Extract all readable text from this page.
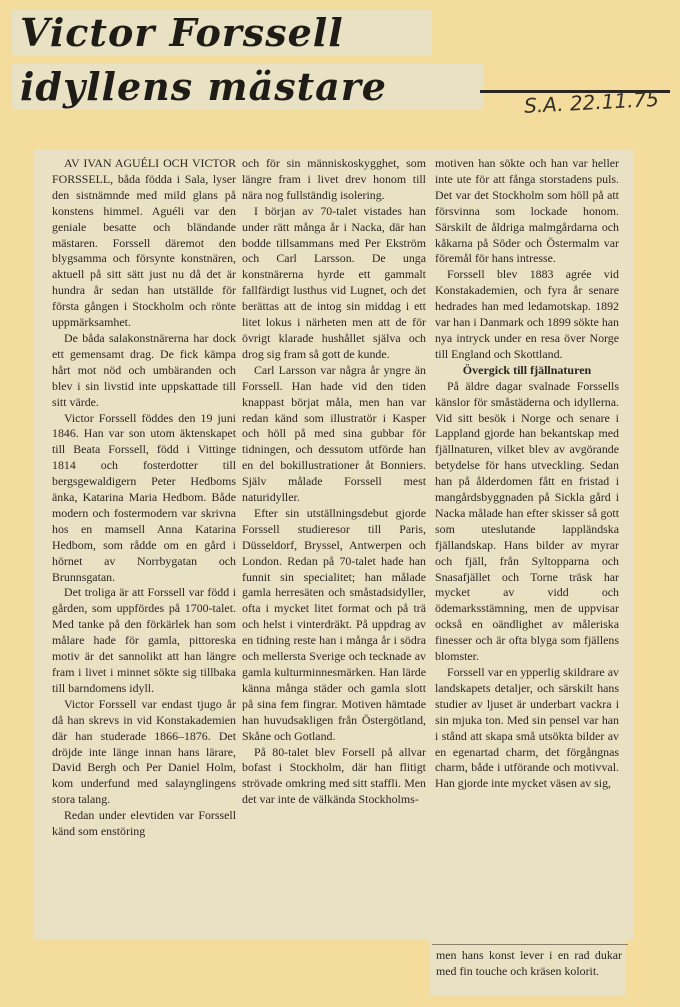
Victor Forssell
idyllens mästare	S.A. 22.11.75

AV IVAN AGUÉLI OCH VICTOR FORSSELL, båda födda i Sala, lyser den sistnämnde med mild glans på konstens himmel. Aguéli var den geniale besatte och bländande mästaren. Forssell däremot den blygsamma och försynte konstnären, aktuell på sitt sätt just nu då det är hundra år sedan han utställde för första gången i Stockholm och rönte uppmärksamhet.

De båda salakonstnärerna har dock ett gemensamt drag. De fick kämpa hårt mot nöd och umbäranden och blev i sin livstid inte uppskattade till sitt värde.

Victor Forssell föddes den 19 juni 1846. Han var son utom äktenskapet till Beata Forssell, född i Vittinge 1814 och fosterdotter till bergsgewaldigern Peter Hedboms änka, Katarina Maria Hedbom. Både modern och fostermodern var skrivna hos en mamsell Anna Katarina Hedbom, som rådde om en gård i hörnet av Norrbygatan och Brunnsgatan.

Det troliga är att Forssell var född i gården, som uppfördes på 1700-talet. Med tanke på den förkärlek han som målare hade för gamla, pittoreska motiv är det sannolikt att han längre fram i livet i minnet sökte sig tillbaka till barndomens idyll.

Victor Forssell var endast tjugo år då han skrevs in vid Konstakademien där han studerade 1866–1876. Det dröjde inte länge innan hans lärare, David Bergh och Per Daniel Holm, kom underfund med salaynglingens stora talang.

Redan under elevtiden var Forssell känd som enstöring

och för sin människoskygghet, som längre fram i livet drev honom till nära nog fullständig isolering.

I början av 70-talet vistades han under rätt många år i Nacka, där han bodde tillsammans med Per Ekström och Carl Larsson. De unga konstnärerna hyrde ett gammalt fallfärdigt lusthus vid Lugnet, och det berättas att de intog sin middag i ett litet lokus i närheten men att de för övrigt klarade hushållet själva och drog sig fram så gott de kunde.

Carl Larsson var några år yngre än Forssell. Han hade vid den tiden knappast börjat måla, men han var redan känd som illustratör i Kasper och höll på med sina gubbar för tidningen, och dessutom utförde han en del bokillustrationer åt Bonniers. Själv målade Forssell mest naturidyller.

Efter sin utställningsdebut gjorde Forssell studieresor till Paris, Düsseldorf, Bryssel, Antwerpen och London. Redan på 70-talet hade han funnit sin specialitet; han målade gamla herresäten och småstadsidyller, ofta i mycket litet format och på trä och helst i vinterdräkt. På uppdrag av en tidning reste han i många år i södra och mellersta Sverige och tecknade av gamla kulturminnesmärken. Han lärde känna många städer och gamla slott på sina fem fingrar. Motiven hämtade han huvudsakligen från Östergötland, Skåne och Gotland.

På 80-talet blev Forsell på allvar bofast i Stockholm, där han flitigt strövade omkring med sitt staffli. Men det var inte de välkända Stockholms-

motiven han sökte och han var heller inte ute för att fånga storstadens puls. Det var det Stockholm som höll på att försvinna som lockade honom. Särskilt de åldriga malmgårdarna och kåkarna på Söder och Östermalm var föremål för hans intresse.

Forssell blev 1883 agrée vid Konstakademien, och fyra år senare hedrades han med ledamotskap. 1892 var han i Danmark och 1899 sökte han nya intryck under en resa över Norge till England och Skottland.

Övergick till fjällnaturen

På äldre dagar svalnade Forssells känslor för småstäderna och idyllerna. Vid sitt besök i Norge och senare i Lappland gjorde han bekantskap med fjällnaturen, vilket blev av avgörande betydelse för hans utveckling. Sedan han på ålderdomen fått en fristad i mangårdsbyggnaden på Sickla gård i Nacka målade han efter skisser så gott som uteslutande lappländska fjällandskap. Hans bilder av myrar och fjäll, från Syltopparna och Snasafjället och Torne träsk har mycket av vidd och ödemarksstämning, men de uppvisar också en oändlighet av måleriska finesser och är ofta blyga som fjällens blomster.

Forssell var en ypperlig skildrare av landskapets detaljer, och särskilt hans studier av ljuset är underbart vackra i sin mjuka ton. Med sin pensel var han i stånd att skapa små utsökta bilder av en egenartad charm, det förgångnas charm, både i utförande och motivval. Han gjorde inte mycket väsen av sig,

men hans konst lever i en rad dukar med fin touche och kräsen kolorit.
